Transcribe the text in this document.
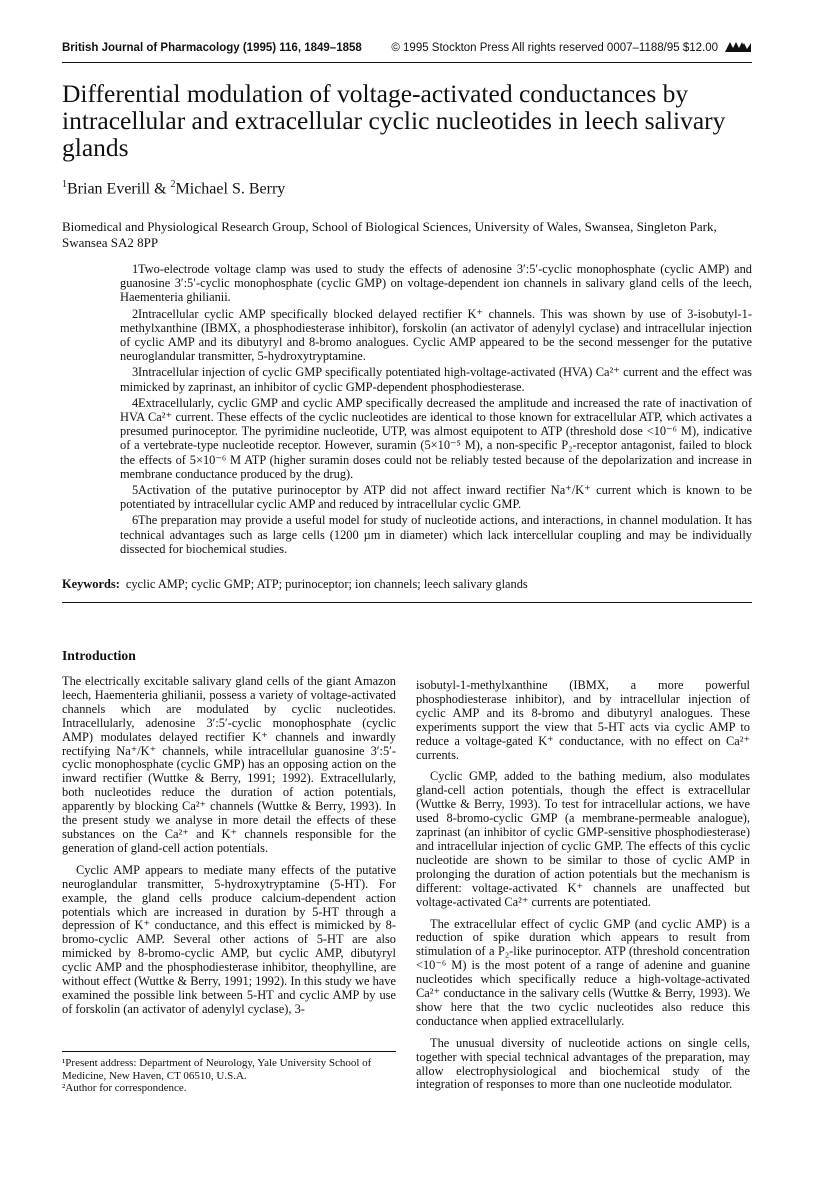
British Journal of Pharmacology (1995) 116, 1849–1858	© 1995 Stockton Press All rights reserved 0007–1188/95 $12.00
Differential modulation of voltage-activated conductances by intracellular and extracellular cyclic nucleotides in leech salivary glands
$^1$Brian Everill & $^2$Michael S. Berry
Biomedical and Physiological Research Group, School of Biological Sciences, University of Wales, Swansea, Singleton Park, Swansea SA2 8PP

1Two-electrode voltage clamp was used to study the effects of adenosine 3′:5′-cyclic monophosphate (cyclic AMP) and guanosine 3′:5′-cyclic monophosphate (cyclic GMP) on voltage-dependent ion channels in salivary gland cells of the leech, Haementeria ghilianii.

2Intracellular cyclic AMP specifically blocked delayed rectifier K⁺ channels. This was shown by use of 3-isobutyl-1-methylxanthine (IBMX, a phosphodiesterase inhibitor), forskolin (an activator of adenylyl cyclase) and intracellular injection of cyclic AMP and its dibutyryl and 8-bromo analogues. Cyclic AMP appeared to be the second messenger for the putative neuroglandular transmitter, 5-hydroxytryptamine.

3Intracellular injection of cyclic GMP specifically potentiated high-voltage-activated (HVA) Ca²⁺ current and the effect was mimicked by zaprinast, an inhibitor of cyclic GMP-dependent phosphodiesterase.

4Extracellularly, cyclic GMP and cyclic AMP specifically decreased the amplitude and increased the rate of inactivation of HVA Ca²⁺ current. These effects of the cyclic nucleotides are identical to those known for extracellular ATP, which activates a presumed purinoceptor. The pyrimidine nucleotide, UTP, was almost equipotent to ATP (threshold dose <10⁻⁶ M), indicative of a vertebrate-type nucleotide receptor. However, suramin (5×10⁻⁵ M), a non-specific P₂-receptor antagonist, failed to block the effects of 5×10⁻⁶ M ATP (higher suramin doses could not be reliably tested because of the depolarization and increase in membrane conductance produced by the drug).

5Activation of the putative purinoceptor by ATP did not affect inward rectifier Na⁺/K⁺ current which is known to be potentiated by intracellular cyclic AMP and reduced by intracellular cyclic GMP.

6The preparation may provide a useful model for study of nucleotide actions, and interactions, in channel modulation. It has technical advantages such as large cells (1200 µm in diameter) which lack intercellular coupling and may be individually dissected for biochemical studies.

Keywords: cyclic AMP; cyclic GMP; ATP; purinoceptor; ion channels; leech salivary glands
Introduction

The electrically excitable salivary gland cells of the giant Amazon leech, Haementeria ghilianii, possess a variety of voltage-activated channels which are modulated by cyclic nucleotides. Intracellularly, adenosine 3′:5′-cyclic monophosphate (cyclic AMP) modulates delayed rectifier K⁺ channels and inwardly rectifying Na⁺/K⁺ channels, while intracellular guanosine 3′:5′-cyclic monophosphate (cyclic GMP) has an opposing action on the inward rectifier (Wuttke & Berry, 1991; 1992). Extracellularly, both nucleotides reduce the duration of action potentials, apparently by blocking Ca²⁺ channels (Wuttke & Berry, 1993). In the present study we analyse in more detail the effects of these substances on the Ca²⁺ and K⁺ channels responsible for the generation of gland-cell action potentials.

Cyclic AMP appears to mediate many effects of the putative neuroglandular transmitter, 5-hydroxytryptamine (5-HT). For example, the gland cells produce calcium-dependent action potentials which are increased in duration by 5-HT through a depression of K⁺ conductance, and this effect is mimicked by 8-bromo-cyclic AMP. Several other actions of 5-HT are also mimicked by 8-bromo-cyclic AMP, but cyclic AMP, dibutyryl cyclic AMP and the phosphodiesterase inhibitor, theophylline, are without effect (Wuttke & Berry, 1991; 1992). In this study we have examined the possible link between 5-HT and cyclic AMP by use of forskolin (an activator of adenylyl cyclase), 3-

isobutyl-1-methylxanthine (IBMX, a more powerful phosphodiesterase inhibitor), and by intracellular injection of cyclic AMP and its 8-bromo and dibutyryl analogues. These experiments support the view that 5-HT acts via cyclic AMP to reduce a voltage-gated K⁺ conductance, with no effect on Ca²⁺ currents.

Cyclic GMP, added to the bathing medium, also modulates gland-cell action potentials, though the effect is extracellular (Wuttke & Berry, 1993). To test for intracellular actions, we have used 8-bromo-cyclic GMP (a membrane-permeable analogue), zaprinast (an inhibitor of cyclic GMP-sensitive phosphodiesterase) and intracellular injection of cyclic GMP. The effects of this cyclic nucleotide are shown to be similar to those of cyclic AMP in prolonging the duration of action potentials but the mechanism is different: voltage-activated K⁺ channels are unaffected but voltage-activated Ca²⁺ currents are potentiated.

The extracellular effect of cyclic GMP (and cyclic AMP) is a reduction of spike duration which appears to result from stimulation of a P₂-like purinoceptor. ATP (threshold concentration <10⁻⁶ M) is the most potent of a range of adenine and guanine nucleotides which specifically reduce a high-voltage-activated Ca²⁺ conductance in the salivary cells (Wuttke & Berry, 1993). We show here that the two cyclic nucleotides also reduce this conductance when applied extracellularly.

The unusual diversity of nucleotide actions on single cells, together with special technical advantages of the preparation, may allow electrophysiological and biochemical study of the integration of responses to more than one nucleotide modulator.

¹Present address: Department of Neurology, Yale University School of Medicine, New Haven, CT 06510, U.S.A.

²Author for correspondence.
